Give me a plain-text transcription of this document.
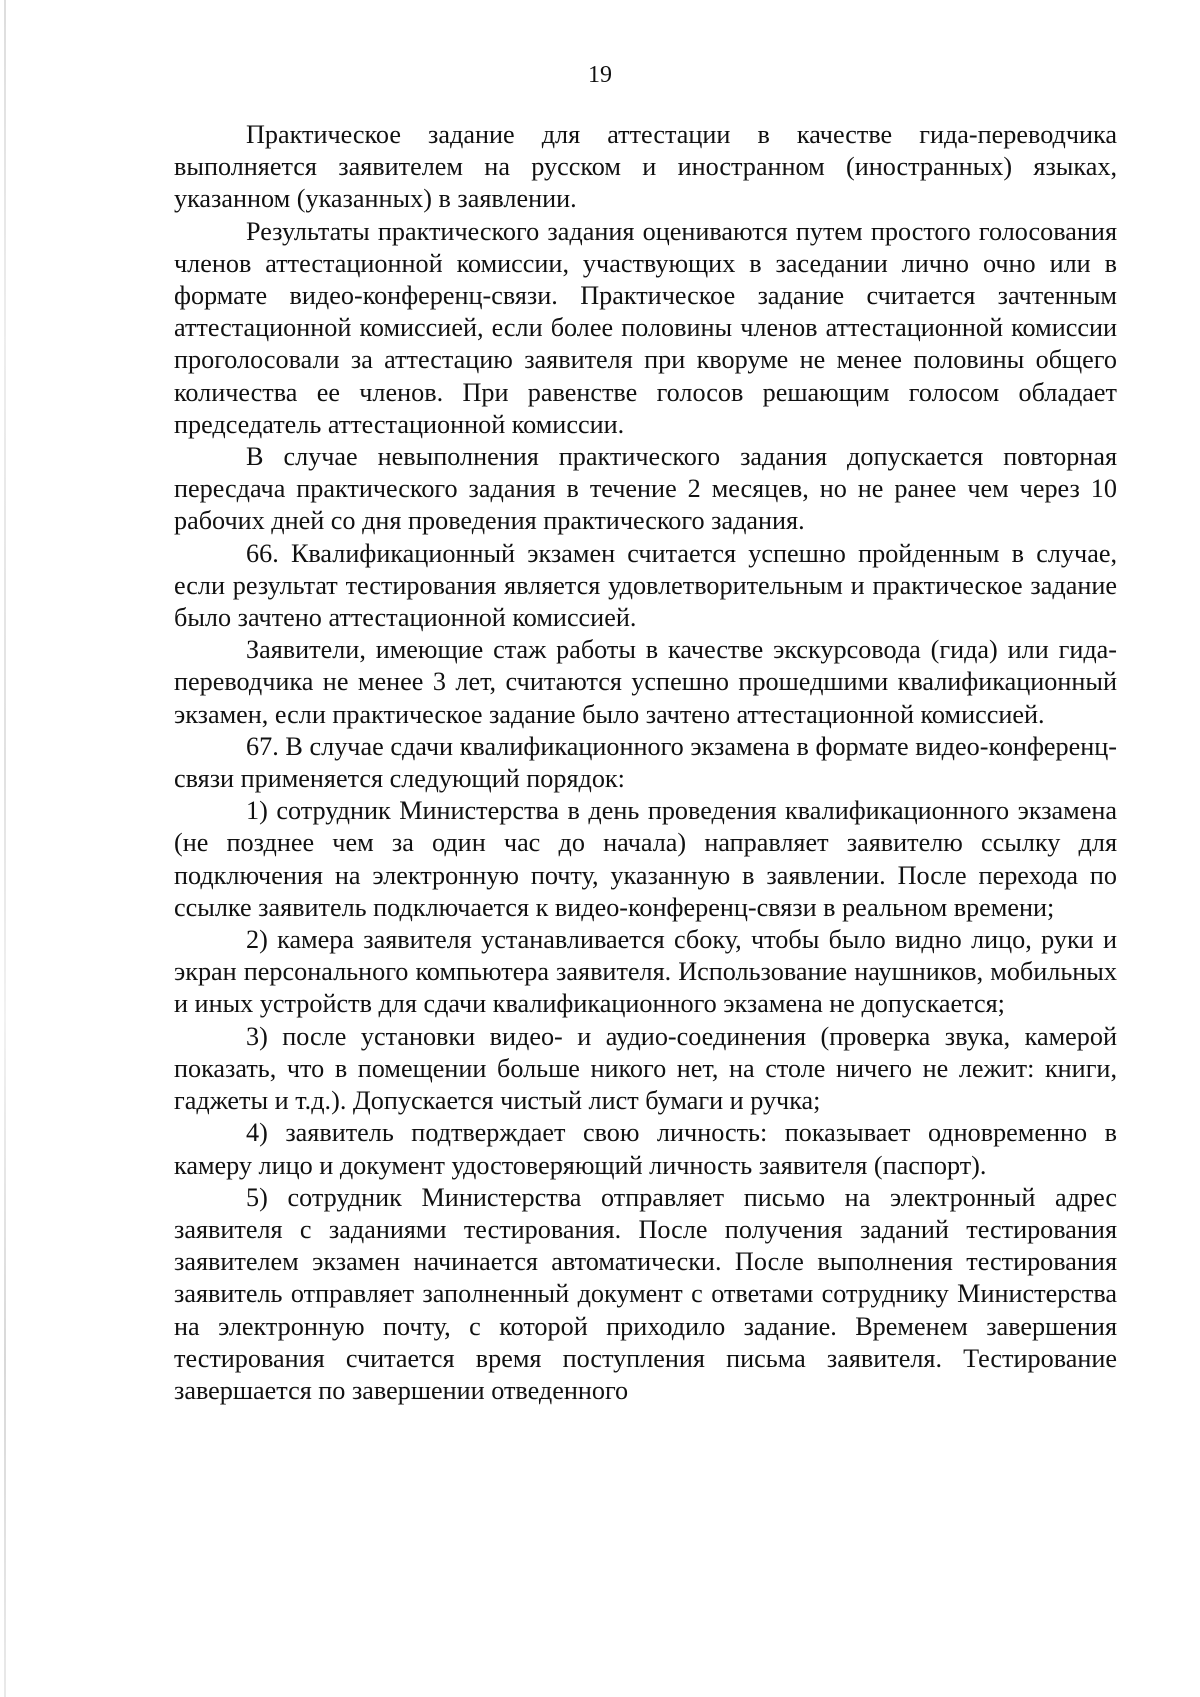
19

Практическое задание для аттестации в качестве гида-переводчика выполняется заявителем на русском и иностранном (иностранных) языках, указанном (указанных) в заявлении.

Результаты практического задания оцениваются путем простого голосования членов аттестационной комиссии, участвующих в заседании лично очно или в формате видео-конференц-связи. Практическое задание считается зачтенным аттестационной комиссией, если более половины членов аттестационной комиссии проголосовали за аттестацию заявителя при кворуме не менее половины общего количества ее членов. При равенстве голосов решающим голосом обладает председатель аттестационной комиссии.

В случае невыполнения практического задания допускается повторная пересдача практического задания в течение 2 месяцев, но не ранее чем через 10 рабочих дней со дня проведения практического задания.

66. Квалификационный экзамен считается успешно пройденным в случае, если результат тестирования является удовлетворительным и практическое задание было зачтено аттестационной комиссией.

Заявители, имеющие стаж работы в качестве экскурсовода (гида) или гида-переводчика не менее 3 лет, считаются успешно прошедшими квалификационный экзамен, если практическое задание было зачтено аттестационной комиссией.

67. В случае сдачи квалификационного экзамена в формате видео-конференц-связи применяется следующий порядок:

1) сотрудник Министерства в день проведения квалификационного экзамена (не позднее чем за один час до начала) направляет заявителю ссылку для подключения на электронную почту, указанную в заявлении. После перехода по ссылке заявитель подключается к видео-конференц-связи в реальном времени;

2) камера заявителя устанавливается сбоку, чтобы было видно лицо, руки и экран персонального компьютера заявителя. Использование наушников, мобильных и иных устройств для сдачи квалификационного экзамена не допускается;

3) после установки видео- и аудио-соединения (проверка звука, камерой показать, что в помещении больше никого нет, на столе ничего не лежит: книги, гаджеты и т.д.). Допускается чистый лист бумаги и ручка;

4) заявитель подтверждает свою личность: показывает одновременно в камеру лицо и документ удостоверяющий личность заявителя (паспорт).

5) сотрудник Министерства отправляет письмо на электронный адрес заявителя с заданиями тестирования. После получения заданий тестирования заявителем экзамен начинается автоматически. После выполнения тестирования заявитель отправляет заполненный документ с ответами сотруднику Министерства на электронную почту, с которой приходило задание. Временем завершения тестирования считается время поступления письма заявителя. Тестирование завершается по завершении отведенного
